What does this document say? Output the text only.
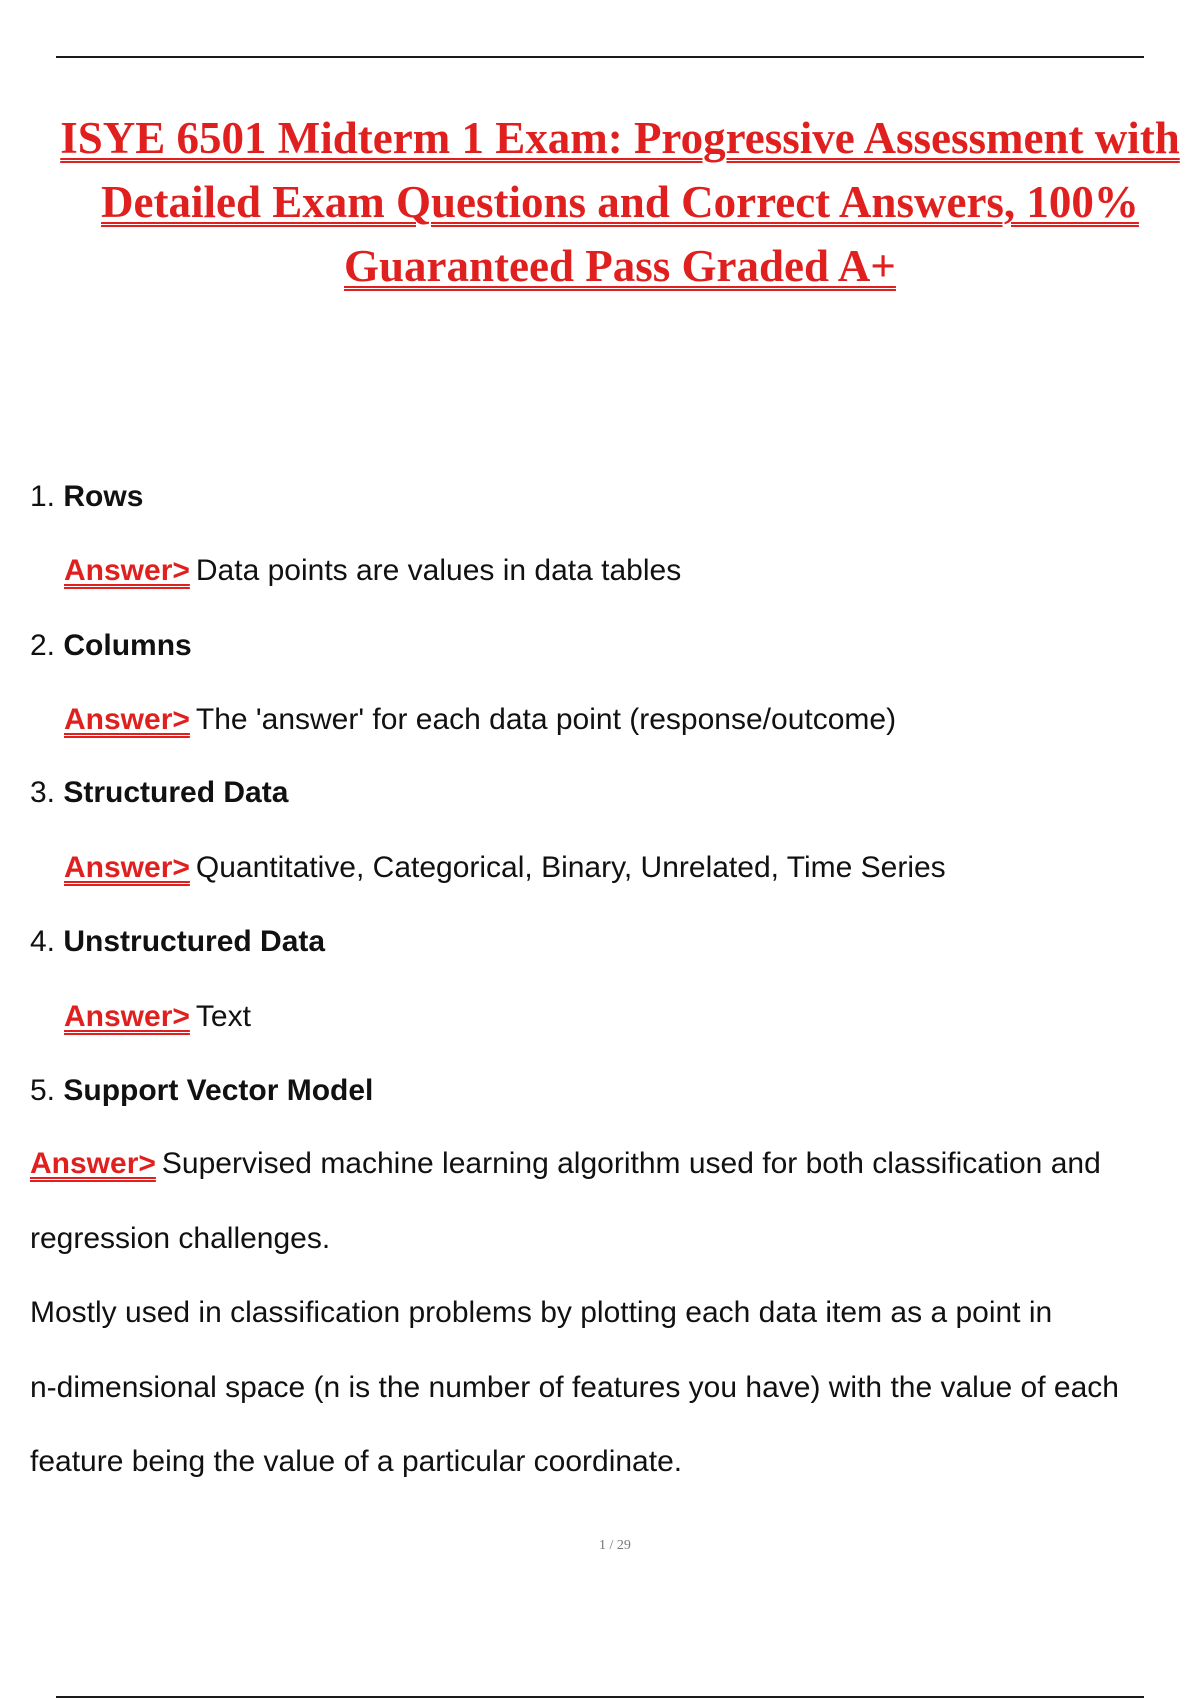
ISYE 6501 Midterm 1 Exam: Progressive Assessment with
Detailed Exam Questions and Correct Answers, 100%
Guaranteed Pass Graded A+

1. Rows

Answer> Data points are values in data tables

2. Columns

Answer> The 'answer' for each data point (response/outcome)

3. Structured Data

Answer> Quantitative, Categorical, Binary, Unrelated, Time Series

4. Unstructured Data

Answer> Text

5. Support Vector Model

Answer> Supervised machine learning algorithm used for both classification and

regression challenges.

Mostly used in classification problems by plotting each data item as a point in

n-dimensional space (n is the number of features you have) with the value of each

feature being the value of a particular coordinate.

1 / 29
